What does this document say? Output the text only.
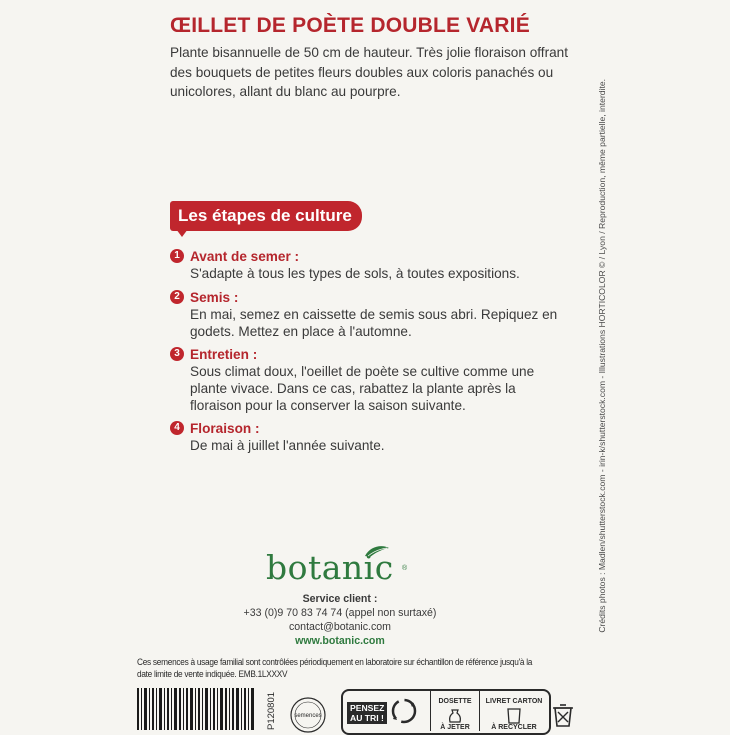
ŒILLET DE POÈTE DOUBLE VARIÉ
Plante bisannuelle de 50 cm de hauteur. Très jolie floraison offrant des bouquets de petites fleurs doubles aux coloris panachés ou unicolores, allant du blanc au pourpre.	Crédits photos : Madlen/shutterstock.com - irin-k/shutterstock.com - Illustrations HORTICOLOR © / Lyon / Reproduction, même partielle, interdite.
Les étapes de culture
1 Avant de semer :
S'adapte à tous les types de sols, à toutes expositions.
2 Semis :
En mai, semez en caissette de semis sous abri. Repiquez en godets. Mettez en place à l'automne.
3 Entretien :
Sous climat doux, l'oeillet de poète se cultive comme une plante vivace. Dans ce cas, rabattez la plante après la floraison pour la conserver la saison suivante.
4 Floraison :
De mai à juillet l'année suivante.
botanic ®
Service client :
+33 (0)9 70 83 74 74 (appel non surtaxé)
contact@botanic.com
www.botanic.com
Ces semences à usage familial sont contrôlées périodiquement en laboratoire sur échantillon de référence jusqu'à la date limite de vente indiquée. EMB.1LXXXV
P120801	semences
PENSEZ
AU TRI !
DOSETTE
À JETER
LIVRET CARTON
À RECYCLER
